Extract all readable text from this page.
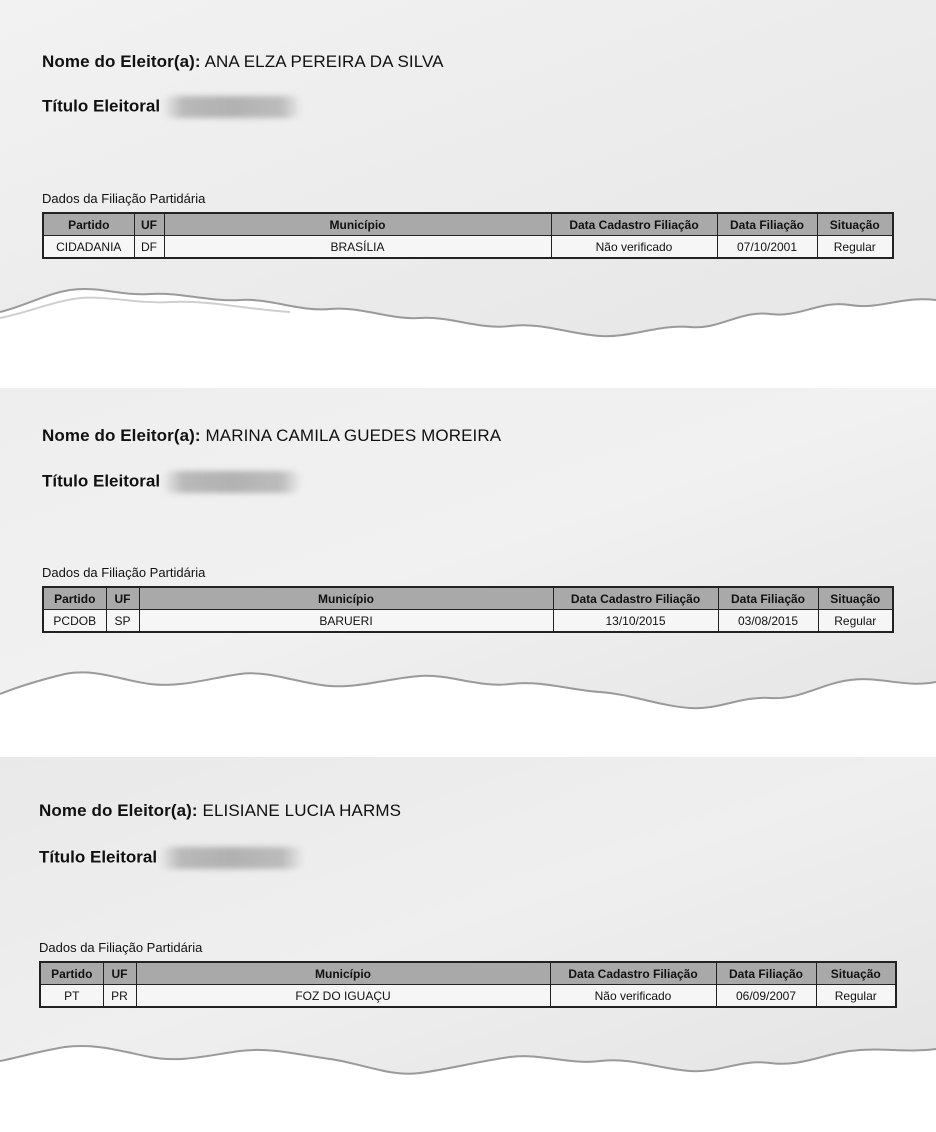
Nome do Eleitor(a): ANA ELZA PEREIRA DA SILVA
Título Eleitoral
Dados da Filiação Partidária
Partido	UF	Município	Data Cadastro Filiação	Data Filiação	Situação
CIDADANIA	DF	BRASÍLIA	Não verificado	07/10/2001	Regular
Nome do Eleitor(a): MARINA CAMILA GUEDES MOREIRA
Título Eleitoral
Dados da Filiação Partidária
Partido	UF	Município	Data Cadastro Filiação	Data Filiação	Situação
PCDOB	SP	BARUERI	13/10/2015	03/08/2015	Regular
Nome do Eleitor(a): ELISIANE LUCIA HARMS
Título Eleitoral
Dados da Filiação Partidária
Partido	UF	Município	Data Cadastro Filiação	Data Filiação	Situação
PT	PR	FOZ DO IGUAÇU	Não verificado	06/09/2007	Regular
